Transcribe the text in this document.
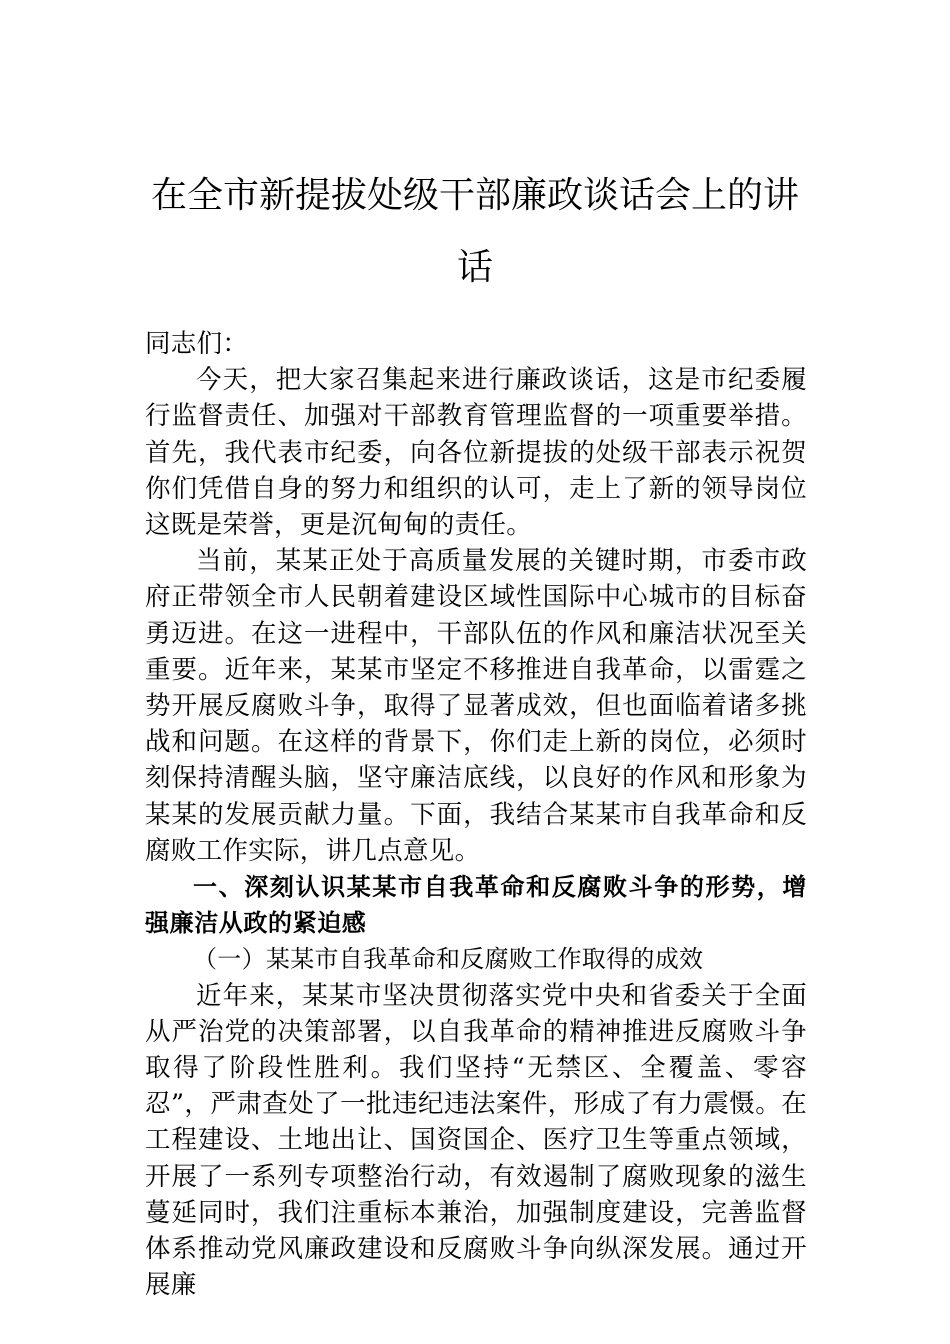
在全市新提拔处级干部廉政谈话会上的讲话

同志们：

今天，把大家召集起来进行廉政谈话，这是市纪委履行监督责任、加强对干部教育管理监督的一项重要举措。首先，我代表市纪委，向各位新提拔的处级干部表示祝贺你们凭借自身的努力和组织的认可，走上了新的领导岗位这既是荣誉，更是沉甸甸的责任。

当前，某某正处于高质量发展的关键时期，市委市政府正带领全市人民朝着建设区域性国际中心城市的目标奋勇迈进。在这一进程中，干部队伍的作风和廉洁状况至关重要。近年来，某某市坚定不移推进自我革命，以雷霆之势开展反腐败斗争，取得了显著成效，但也面临着诸多挑战和问题。在这样的背景下，你们走上新的岗位，必须时刻保持清醒头脑，坚守廉洁底线，以良好的作风和形象为某某的发展贡献力量。下面，我结合某某市自我革命和反腐败工作实际，讲几点意见。

一、深刻认识某某市自我革命和反腐败斗争的形势，增强廉洁从政的紧迫感

（一）某某市自我革命和反腐败工作取得的成效

近年来，某某市坚决贯彻落实党中央和省委关于全面从严治党的决策部署，以自我革命的精神推进反腐败斗争取得了阶段性胜利。我们坚持“无禁区、全覆盖、零容忍”，严肃查处了一批违纪违法案件，形成了有力震慑。在工程建设、土地出让、国资国企、医疗卫生等重点领域，开展了一系列专项整治行动，有效遏制了腐败现象的滋生蔓延同时，我们注重标本兼治，加强制度建设，完善监督体系推动党风廉政建设和反腐败斗争向纵深发展。通过开展廉
